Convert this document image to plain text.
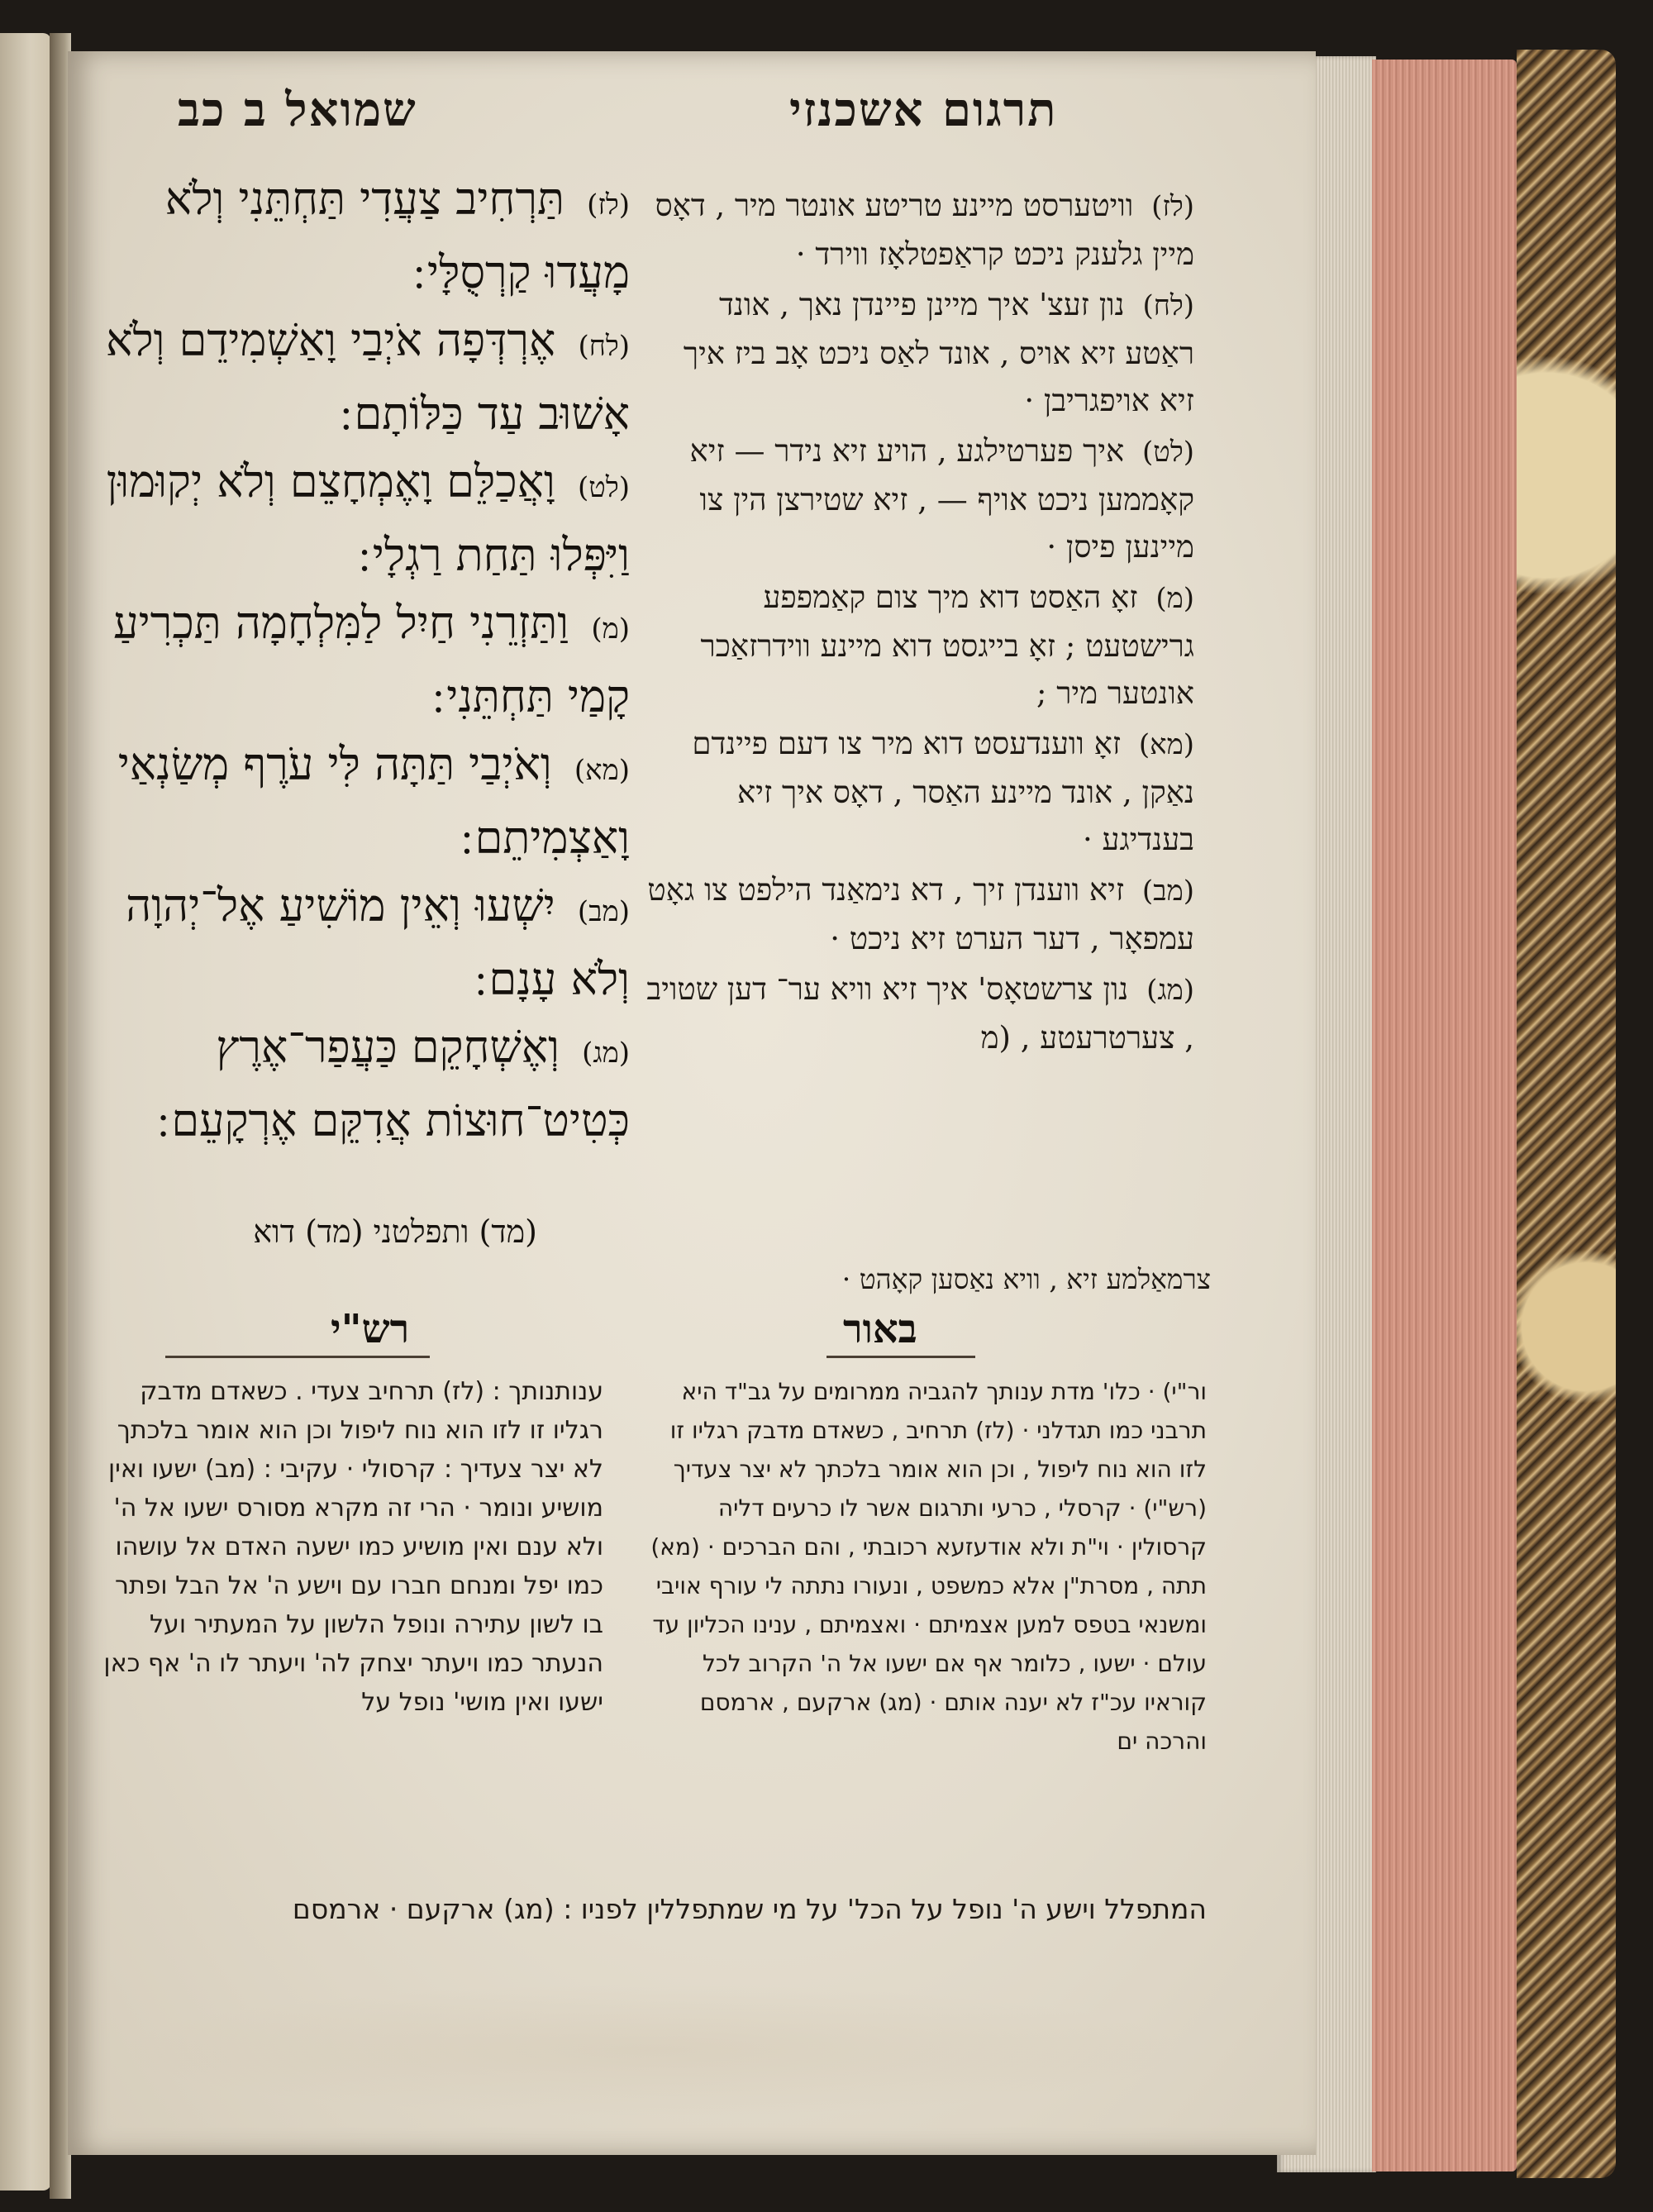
שמואל ב כב	תרגום אשכנזי

(לז) תַּרְחִיב צַעֲדִי תַּחְתֵּנִי וְלֹא מָעֲדוּ קַרְסֻלָּי ׃

(לח) אֶרְדְּפָה אֹיְבַי וָאַשְׁמִידֵם וְלֹא אָשׁוּב עַד כַּלּוֹתָם ׃

(לט) וָאֲכַלֵּם וָאֶמְחָצֵם וְלֹא יְקוּמוּן וַיִּפְּלוּ תַּחַת רַגְלָי ׃

(מ) וַתַּזְרֵנִי חַיִל לַמִּלְחָמָה תַּכְרִיעַ קָמַי תַּחְתֵּנִי ׃

(מא) וְאֹיְבַי תַּתָּה לִּי עֹרֶף מְשַׂנְאַי וָאַצְמִיתֵם ׃

(מב) יִשְׁעוּ וְאֵין מוֹשִׁיעַ אֶל־יְהוָה וְלֹא עָנָם ׃

(מג) וְאֶשְׁחָקֵם כַּעֲפַר־אֶרֶץ כְּטִיט־חוּצוֹת אֲדִקֵּם אֶרְקָעֵם ׃

(לז) וויטערסט מיינע טריטע אונטר מיר , דאָס מיין גלענק ניכט קראַפטלאָז ווירד ·

(לח) נון זעצ' איך מיינן פיינדן נאך , אונד ראַטע זיא אויס , אונד לאַס ניכט אָב ביז איך זיא אויפגריבן ·

(לט) איך פערטילגע , הויע זיא נידר — זיא קאָממען ניכט אויף — , זיא שטירצן הין צו מיינען פיסן ·

(מ) זאָ האַסט דוא מיך צום קאַמפפע גרישטעט ; זאָ בייגסט דוא מיינע ווידרזאַכר אונטער מיר ;

(מא) זאָ ווענדעסט דוא מיר צו דעם פיינדם נאַקן , אונד מיינע האַסר , דאָס איך זיא בענדיגע ·

(מב) זיא ווענדן זיך , דא נימאַנד הילפט צו גאָט עמפאָר , דער הערט זיא ניכט ·

(מג) נון צרשטאָס' איך זיא וויא ער־ דען שטויב , צערטרעטע , (מ

(מד) ותפלטני (מד) דוא
צרמאַלמע זיא , וויא נאַסען קאָהט ·
רש"י	באור
ענותנותך : (לז) תרחיב צעדי . כשאדם מדבק רגליו זו לזו הוא נוח ליפול וכן הוא אומר בלכתך לא יצר צעדיך : קרסולי · עקיבי : (מב) ישעו ואין מושיע ונומר · הרי זה מקרא מסורס ישעו אל ה' ולא ענם ואין מושיע כמו ישעה האדם אל עושהו כמו יפל ומנחם חברו עם וישע ה' אל הבל ופתר בו לשון עתירה ונופל הלשון על המעתיר ועל הנעתר כמו ויעתר יצחק לה' ויעתר לו ה' אף כאן ישעו ואין מושי' נופל על
ור"י) · כלו' מדת ענותך להגביה ממרומים על גב"ד היא תרבני כמו תגדלני · (לז) תרחיב , כשאדם מדבק רגליו זו לזו הוא נוח ליפול , וכן הוא אומר בלכתך לא יצר צעדיך (רש"י) · קרסלי , כרעי ותרגום אשר לו כרעים דליה קרסולין · וי"ת ולא אודעזעא רכובתי , והם הברכים · (מא) תתה , מסרת"ן אלא כמשפט , ונעורו נתתה לי עורף אויבי ומשנאי בטפס למען אצמיתם · ואצמיתם , ענינו הכליון עד עולם · ישעו , כלומר אף אם ישעו אל ה' הקרוב לכל קוראיו עכ"ז לא יענה אותם · (מג) ארקעם , ארמסם והרכה ים
המתפלל וישע ה' נופל על הכל' על מי שמתפללין לפניו : (מג) ארקעם · ארמסם
